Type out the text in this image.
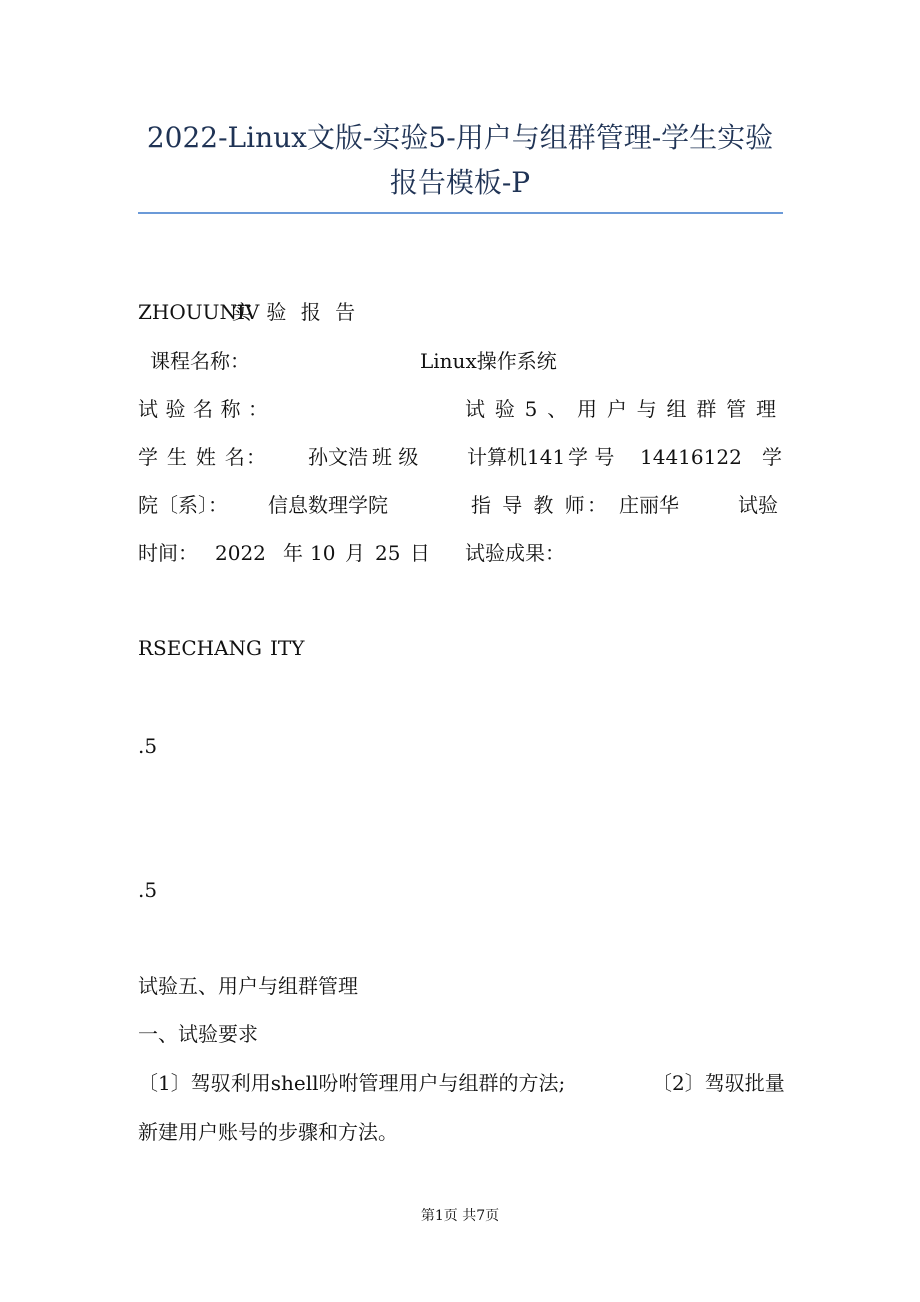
2022-Linux文版-实验5-用户与组群管理-学生实验
报告模板-P
ZHOUUNIV
实 验 报 告
课程名称：	Linux操作系统
试 验 名 称 ：	试验5、用户与组群管理
学 生 姓 名： 孙文浩 班 级 计算机141 学 号 14416122 学
院〔系〕： 信息数理学院	指 导 教 师： 庄丽华	试验
时间： 2022 年 10 月 25 日 试验成果：
RSECHANG ITY
.5
.5
试验五、用户与组群管理
一、试验要求
〔1〕驾驭利用shell吩咐管理用户与组群的方法;	〔2〕驾驭批量
新建用户账号的步骤和方法。
第1页 共7页
